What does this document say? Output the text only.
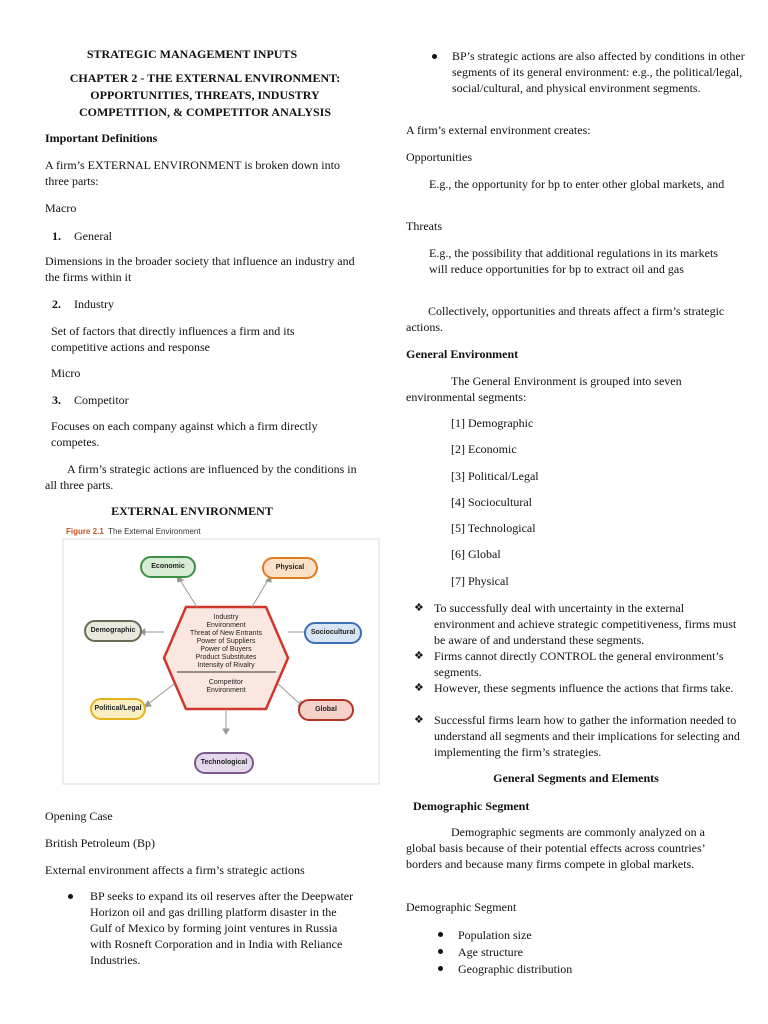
STRATEGIC MANAGEMENT INPUTS

CHAPTER 2 - THE EXTERNAL ENVIRONMENT: OPPORTUNITIES, THREATS, INDUSTRY COMPETITION, & COMPETITOR ANALYSIS

Important Definitions

A firm’s EXTERNAL ENVIRONMENT is broken down into three parts:

Macro

1. General

Dimensions in the broader society that influence an industry and the firms within it

2. Industry

Set of factors that directly influences a firm and its competitive actions and response

Micro

3. Competitor

Focuses on each company against which a firm directly competes.

A firm’s strategic actions are influenced by the conditions in all three parts.

EXTERNAL ENVIRONMENT

Opening Case

British Petroleum (Bp)

External environment affects a firm’s strategic actions

BP seeks to expand its oil reserves after the Deepwater Horizon oil and gas drilling platform disaster in the Gulf of Mexico by forming joint ventures in Russia with Rosneft Corporation and in India with Reliance Industries.

Figure 2.1 The External Environment
Economic	Physical
Demographic	Sociocultural
Political/Legal	Global
Technological
Industry
Environment
Threat of New Entrants
Power of Suppliers
Power of Buyers
Product Substitutes
Intensity of Rivalry
Competitor
Environment

BP’s strategic actions are also affected by conditions in other segments of its general environment: e.g., the political/legal, social/cultural, and physical environment segments.

A firm’s external environment creates:

Opportunities

E.g., the opportunity for bp to enter other global markets, and

Threats

E.g., the possibility that additional regulations in its markets will reduce opportunities for bp to extract oil and gas

Collectively, opportunities and threats affect a firm’s strategic actions.

General Environment

The General Environment is grouped into seven environmental segments:

[1] Demographic

[2] Economic

[3] Political/Legal

[4] Sociocultural

[5] Technological

[6] Global

[7] Physical

❖ To successfully deal with uncertainty in the external environment and achieve strategic competitiveness, firms must be aware of and understand these segments.

❖ Firms cannot directly CONTROL the general environment’s segments.

❖ However, these segments influence the actions that firms take.

❖ Successful firms learn how to gather the information needed to understand all segments and their implications for selecting and implementing the firm’s strategies.

General Segments and Elements

Demographic Segment

Demographic segments are commonly analyzed on a global basis because of their potential effects across countries’ borders and because many firms compete in global markets.

Demographic Segment

Population size

Age structure

Geographic distribution
